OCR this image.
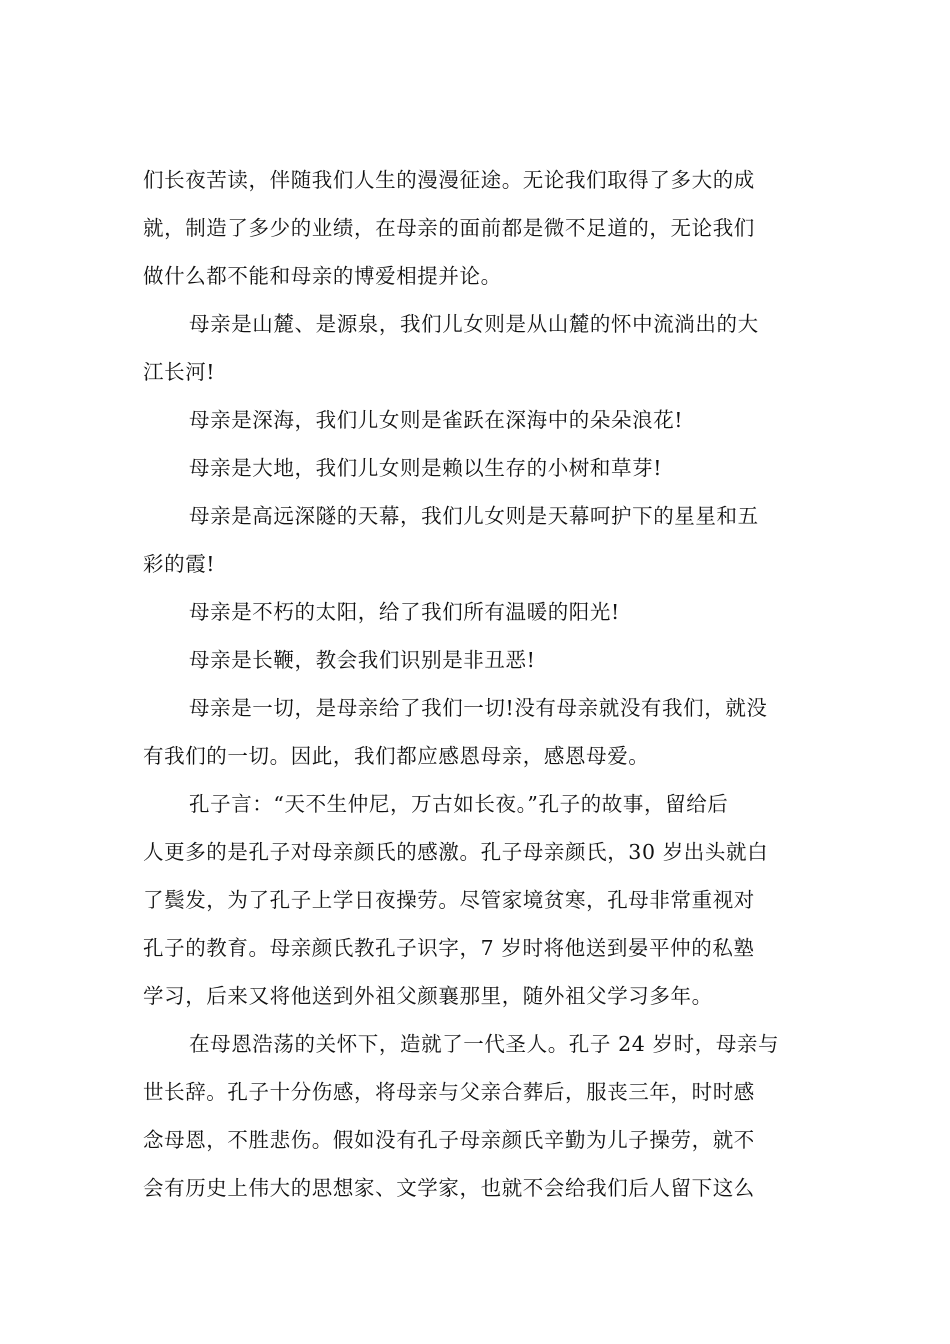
们长夜苦读，伴随我们人生的漫漫征途。无论我们取得了多大的成
就，制造了多少的业绩，在母亲的面前都是微不足道的，无论我们
做什么都不能和母亲的博爱相提并论。

母亲是山麓、是源泉，我们儿女则是从山麓的怀中流淌出的大
江长河!

母亲是深海，我们儿女则是雀跃在深海中的朵朵浪花!

母亲是大地，我们儿女则是赖以生存的小树和草芽!

母亲是高远深隧的天幕，我们儿女则是天幕呵护下的星星和五
彩的霞!

母亲是不朽的太阳，给了我们所有温暖的阳光!

母亲是长鞭，教会我们识别是非丑恶!

母亲是一切，是母亲给了我们一切!没有母亲就没有我们，就没
有我们的一切。因此，我们都应感恩母亲，感恩母爱。

孔子言：“天不生仲尼，万古如长夜。”孔子的故事，留给后
人更多的是孔子对母亲颜氏的感激。孔子母亲颜氏，30 岁出头就白
了鬓发，为了孔子上学日夜操劳。尽管家境贫寒，孔母非常重视对
孔子的教育。母亲颜氏教孔子识字，7 岁时将他送到晏平仲的私塾
学习，后来又将他送到外祖父颜襄那里，随外祖父学习多年。

在母恩浩荡的关怀下，造就了一代圣人。孔子 24 岁时，母亲与
世长辞。孔子十分伤感，将母亲与父亲合葬后，服丧三年，时时感
念母恩，不胜悲伤。假如没有孔子母亲颜氏辛勤为儿子操劳，就不
会有历史上伟大的思想家、文学家，也就不会给我们后人留下这么
